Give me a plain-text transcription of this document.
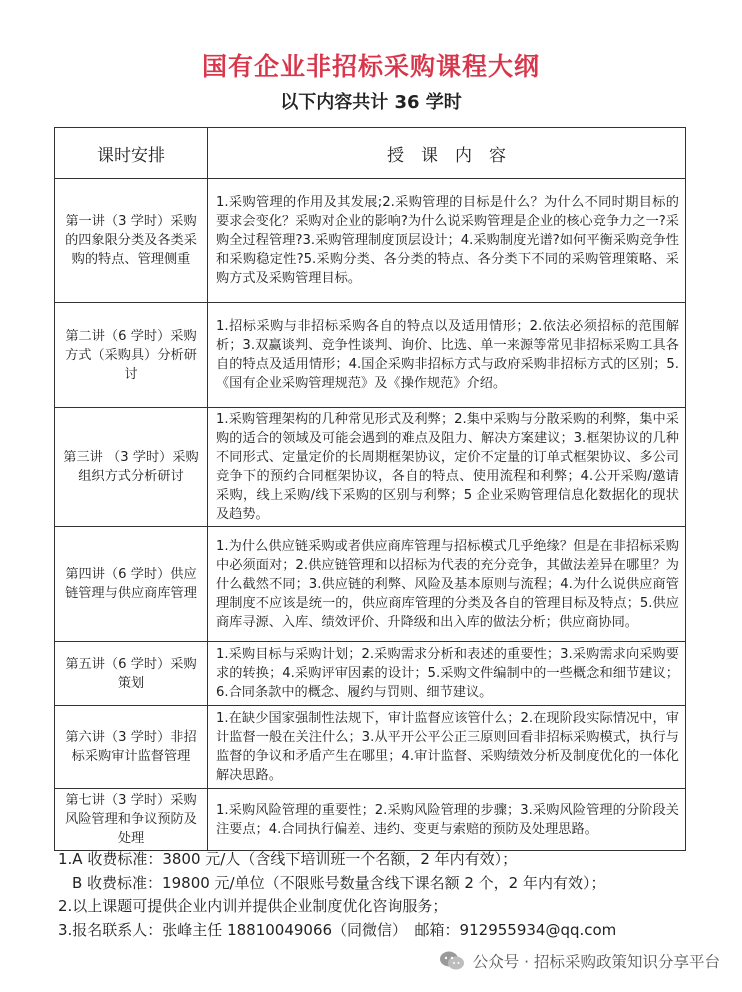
国有企业非招标采购课程大纲
以下内容共计 36 学时
课时安排	授　课　内　容
第一讲（3 学时）采购的四象限分类及各类采购的特点、管理侧重	1.采购管理的作用及其发展;2.采购管理的目标是什么？为什么不同时期目标的要求会变化？采购对企业的影响?为什么说采购管理是企业的核心竞争力之一?采购全过程管理?3.采购管理制度顶层设计；4.采购制度光谱?如何平衡采购竞争性和采购稳定性?5.采购分类、各分类的特点、各分类下不同的采购管理策略、采购方式及采购管理目标。
第二讲（6 学时）采购方式（采购具）分析研讨	1.招标采购与非招标采购各自的特点以及适用情形；2.依法必须招标的范围解析；3.双赢谈判、竞争性谈判、询价、比选、单一来源等常见非招标采购工具各自的特点及适用情形；4.国企采购非招标方式与政府采购非招标方式的区别；5.《国有企业采购管理规范》及《操作规范》介绍。
第三讲 （3 学时）采购组织方式分析研讨	1.采购管理架构的几种常见形式及利弊；2.集中采购与分散采购的利弊，集中采购的适合的领域及可能会遇到的难点及阻力、解决方案建议；3.框架协议的几种不同形式、定量定价的长周期框架协议，定价不定量的订单式框架协议、多公司竞争下的预约合同框架协议，各自的特点、使用流程和利弊；4.公开采购/邀请采购，线上采购/线下采购的区别与利弊；5 企业采购管理信息化数据化的现状及趋势。
第四讲（6 学时）供应链管理与供应商库管理	1.为什么供应链采购或者供应商库管理与招标模式几乎绝缘？但是在非招标采购中必须面对；2.供应链管理和以招标为代表的充分竞争，其做法差异在哪里？为什么截然不同；3.供应链的利弊、风险及基本原则与流程；4.为什么说供应商管理制度不应该是统一的，供应商库管理的分类及各自的管理目标及特点；5.供应商库寻源、入库、绩效评价、升降级和出入库的做法分析；供应商协同。
第五讲（6 学时）采购策划	1.采购目标与采购计划；2.采购需求分析和表述的重要性；3.采购需求向采购要求的转换；4.采购评审因素的设计；5.采购文件编制中的一些概念和细节建议；6.合同条款中的概念、履约与罚则、细节建议。
第六讲（3 学时）非招标采购审计监督管理	1.在缺少国家强制性法规下，审计监督应该管什么；2.在现阶段实际情况中，审计监督一般在关注什么；3.从平开公平公正三原则回看非招标采购模式，执行与监督的争议和矛盾产生在哪里；4.审计监督、采购绩效分析及制度优化的一体化解决思路。
第七讲（3 学时）采购风险管理和争议预防及处理	1.采购风险管理的重要性；2.采购风险管理的步骤；3.采购风险管理的分阶段关注要点；4.合同执行偏差、违约、变更与索赔的预防及处理思路。
1.A 收费标准：3800 元/人（含线下培训班一个名额，2 年内有效）；
B 收费标准：19800 元/单位（不限账号数量含线下课名额 2 个，2 年内有效）；
2.以上课题可提供企业内训并提供企业制度优化咨询服务；
3.报名联系人：张峰主任 18810049066（同微信）　邮箱：912955934@qq.com
公众号 · 招标采购政策知识分享平台
